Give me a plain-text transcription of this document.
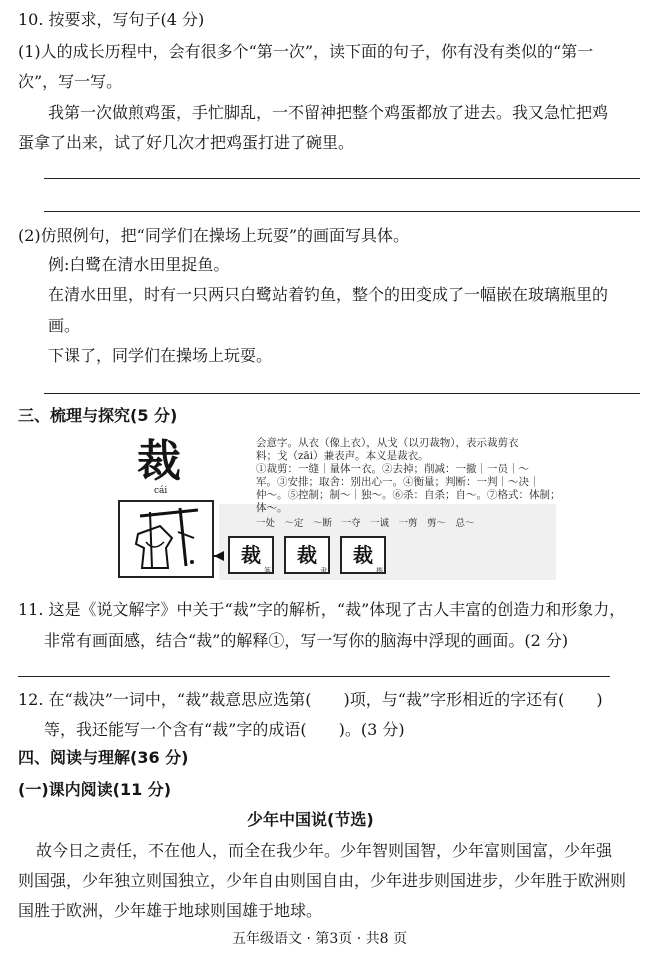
10. 按要求，写句子(4 分)
(1)人的成长历程中，会有很多个“第一次”，读下面的句子，你有没有类似的“第一
次”，写一写。
我第一次做煎鸡蛋，手忙脚乱，一不留神把整个鸡蛋都放了进去。我又急忙把鸡
蛋拿了出来，试了好几次才把鸡蛋打进了碗里。
(2)仿照例句，把“同学们在操场上玩耍”的画面写具体。
例:白鹭在清水田里捉鱼。
在清水田里，时有一只两只白鹭站着钓鱼，整个的田变成了一幅嵌在玻璃瓶里的
画。
下课了，同学们在操场上玩耍。
三、梳理与探究(5 分)
裁
cái
会意字。从衣（像上衣），从戈（以刃裁物），表示裁剪衣
料；戈（zāi）兼表声。本义是裁衣。
①裁剪：一缝｜量体一衣。②去掉；削减：一撤｜一员｜～
军。③安排；取舍：别出心一。④衡量；判断：一判｜～决｜
仲～。⑤控制；制～｜独～。⑥杀：自杀；自～。⑦格式：体制；
体～。
一处　～定　～断　一夺　一诚　一剪　剪～　总～
裁
篆
裁
隶
裁
楷
11. 这是《说文解字》中关于“裁”字的解析，“裁”体现了古人丰富的创造力和形象力，
非常有画面感，结合“裁”的解释①，写一写你的脑海中浮现的画面。(2 分)
12. 在“裁决”一词中，“裁”裁意思应选第(　　)项，与“裁”字形相近的字还有(　　)
等，我还能写一个含有“裁”字的成语(　　)。(3 分)
四、阅读与理解(36 分)
(一)课内阅读(11 分)
少年中国说(节选)
故今日之责任，不在他人，而全在我少年。少年智则国智，少年富则国富，少年强
则国强，少年独立则国独立，少年自由则国自由，少年进步则国进步，少年胜于欧洲则
国胜于欧洲，少年雄于地球则国雄于地球。
五年级语文 · 第3页 · 共8 页
